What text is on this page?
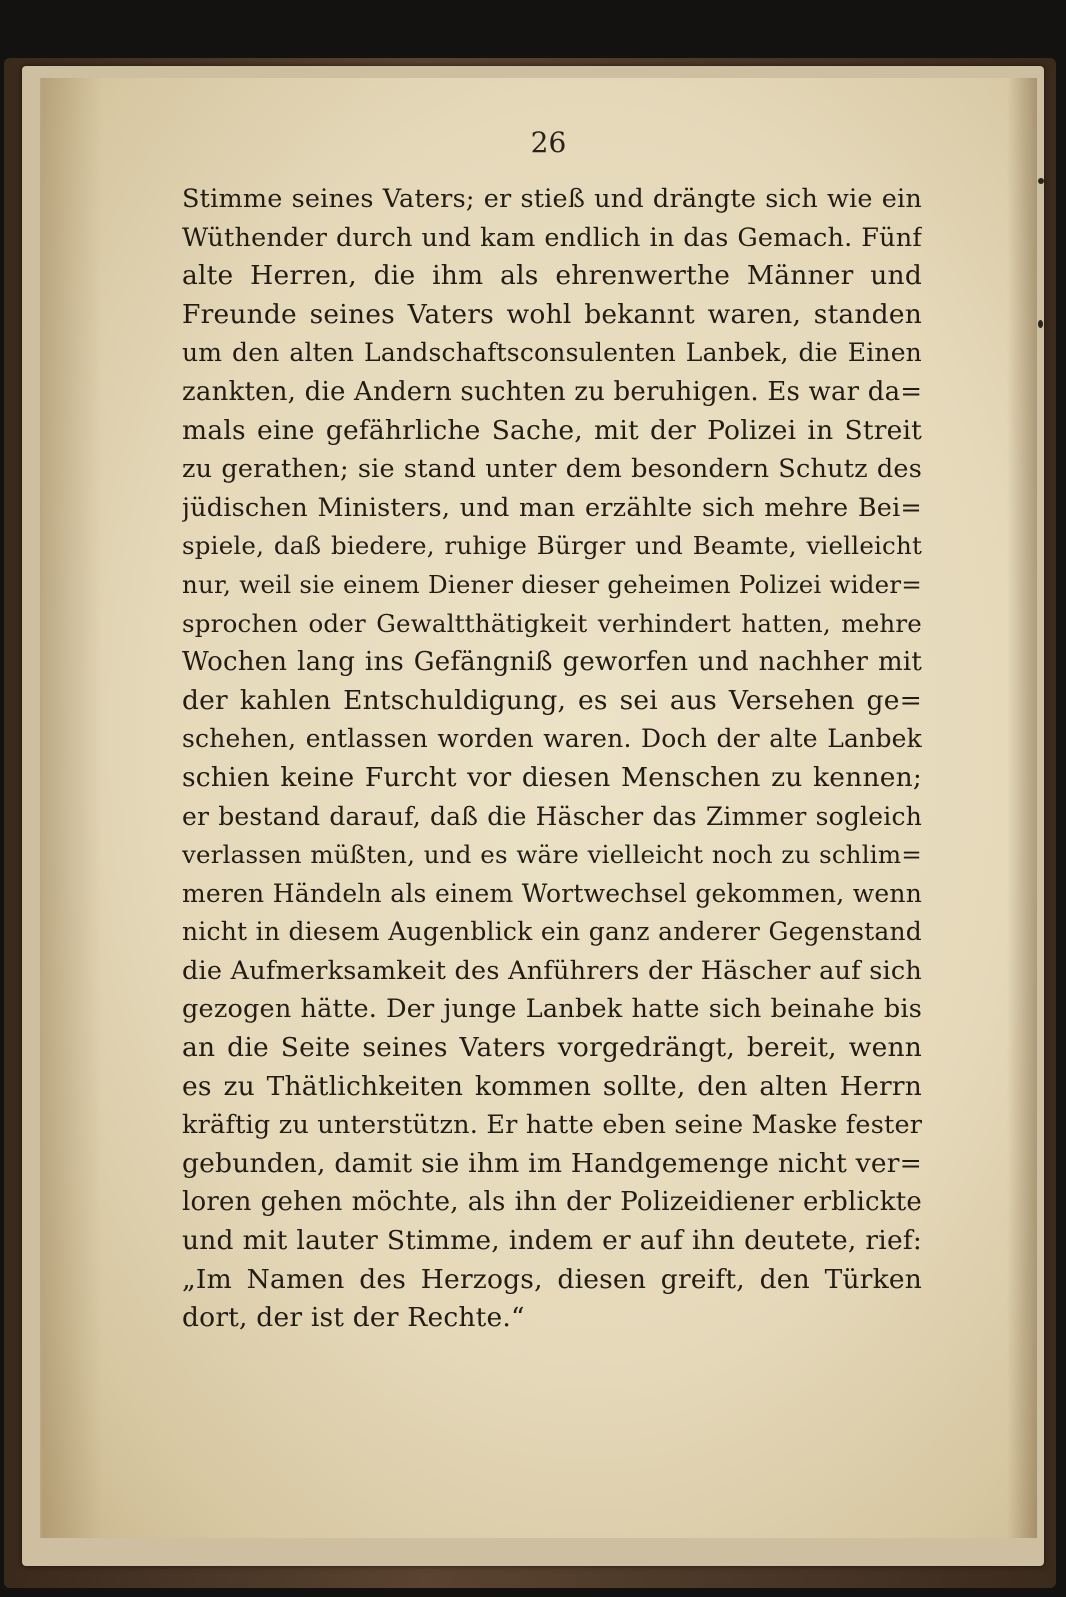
26
Stimme seines Vaters; er stieß und drängte sich wie ein
Wüthender durch und kam endlich in das Gemach. Fünf
alte Herren, die ihm als ehrenwerthe Männer und
Freunde seines Vaters wohl bekannt waren, standen
um den alten Landschaftsconsulenten Lanbek, die Einen
zankten, die Andern suchten zu beruhigen. Es war da=
mals eine gefährliche Sache, mit der Polizei in Streit
zu gerathen; sie stand unter dem besondern Schutz des
jüdischen Ministers, und man erzählte sich mehre Bei=
spiele, daß biedere, ruhige Bürger und Beamte, vielleicht
nur, weil sie einem Diener dieser geheimen Polizei wider=
sprochen oder Gewaltthätigkeit verhindert hatten, mehre
Wochen lang ins Gefängniß geworfen und nachher mit
der kahlen Entschuldigung, es sei aus Versehen ge=
schehen, entlassen worden waren. Doch der alte Lanbek
schien keine Furcht vor diesen Menschen zu kennen;
er bestand darauf, daß die Häscher das Zimmer sogleich
verlassen müßten, und es wäre vielleicht noch zu schlim=
meren Händeln als einem Wortwechsel gekommen, wenn
nicht in diesem Augenblick ein ganz anderer Gegenstand
die Aufmerksamkeit des Anführers der Häscher auf sich
gezogen hätte. Der junge Lanbek hatte sich beinahe bis
an die Seite seines Vaters vorgedrängt, bereit, wenn
es zu Thätlichkeiten kommen sollte, den alten Herrn
kräftig zu unterstützn. Er hatte eben seine Maske fester
gebunden, damit sie ihm im Handgemenge nicht ver=
loren gehen möchte, als ihn der Polizeidiener erblickte
und mit lauter Stimme, indem er auf ihn deutete, rief:
„Im Namen des Herzogs, diesen greift, den Türken
dort, der ist der Rechte.“
